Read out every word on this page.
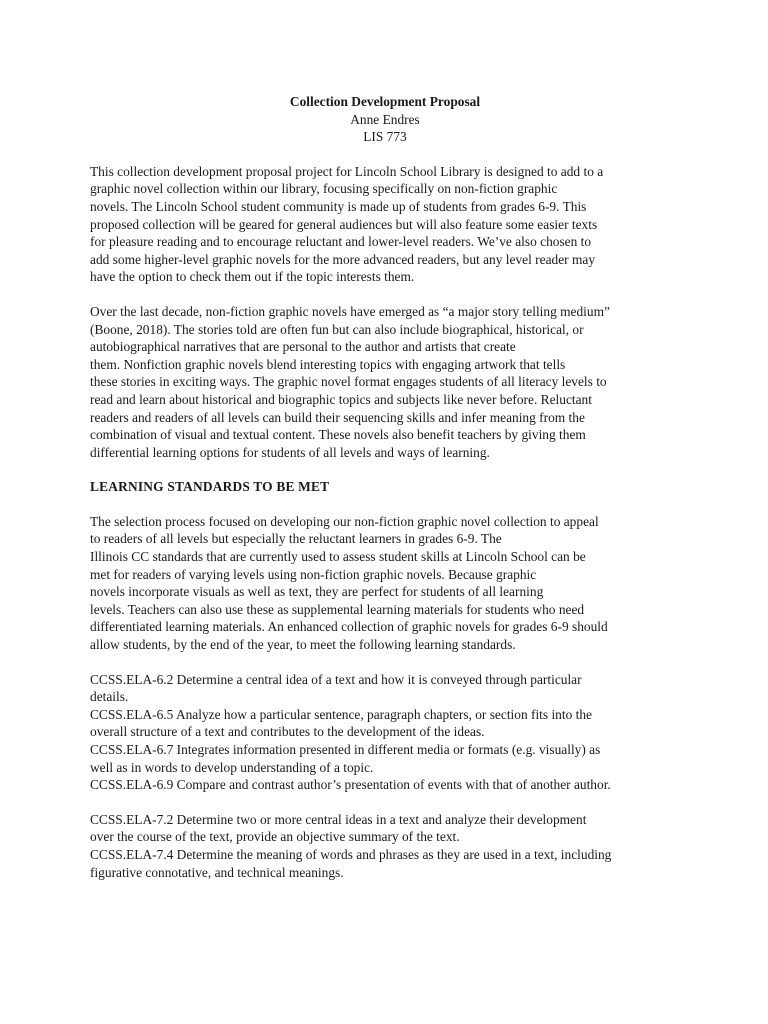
Collection Development Proposal
Anne Endres
LIS 773

This collection development proposal project for Lincoln School Library is designed to add to a
graphic novel collection within our library, focusing specifically on non-fiction graphic
novels. The Lincoln School student community is made up of students from grades 6-9. This
proposed collection will be geared for general audiences but will also feature some easier texts
for pleasure reading and to encourage reluctant and lower-level readers. We’ve also chosen to
add some higher-level graphic novels for the more advanced readers, but any level reader may
have the option to check them out if the topic interests them.

Over the last decade, non-fiction graphic novels have emerged as “a major story telling medium”
(Boone, 2018). The stories told are often fun but can also include biographical, historical, or
autobiographical narratives that are personal to the author and artists that create
them. Nonfiction graphic novels blend interesting topics with engaging artwork that tells
these stories in exciting ways. The graphic novel format engages students of all literacy levels to
read and learn about historical and biographic topics and subjects like never before. Reluctant
readers and readers of all levels can build their sequencing skills and infer meaning from the
combination of visual and textual content. These novels also benefit teachers by giving them
differential learning options for students of all levels and ways of learning.

LEARNING STANDARDS TO BE MET

The selection process focused on developing our non-fiction graphic novel collection to appeal
to readers of all levels but especially the reluctant learners in grades 6-9. The
Illinois CC standards that are currently used to assess student skills at Lincoln School can be
met for readers of varying levels using non-fiction graphic novels. Because graphic
novels incorporate visuals as well as text, they are perfect for students of all learning
levels. Teachers can also use these as supplemental learning materials for students who need
differentiated learning materials. An enhanced collection of graphic novels for grades 6-9 should
allow students, by the end of the year, to meet the following learning standards.

CCSS.ELA-6.2 Determine a central idea of a text and how it is conveyed through particular
details.
CCSS.ELA-6.5 Analyze how a particular sentence, paragraph chapters, or section fits into the
overall structure of a text and contributes to the development of the ideas.
CCSS.ELA-6.7 Integrates information presented in different media or formats (e.g. visually) as
well as in words to develop understanding of a topic.
CCSS.ELA-6.9 Compare and contrast author’s presentation of events with that of another author.
CCSS.ELA-7.2 Determine two or more central ideas in a text and analyze their development
over the course of the text, provide an objective summary of the text.
CCSS.ELA-7.4 Determine the meaning of words and phrases as they are used in a text, including
figurative connotative, and technical meanings.
